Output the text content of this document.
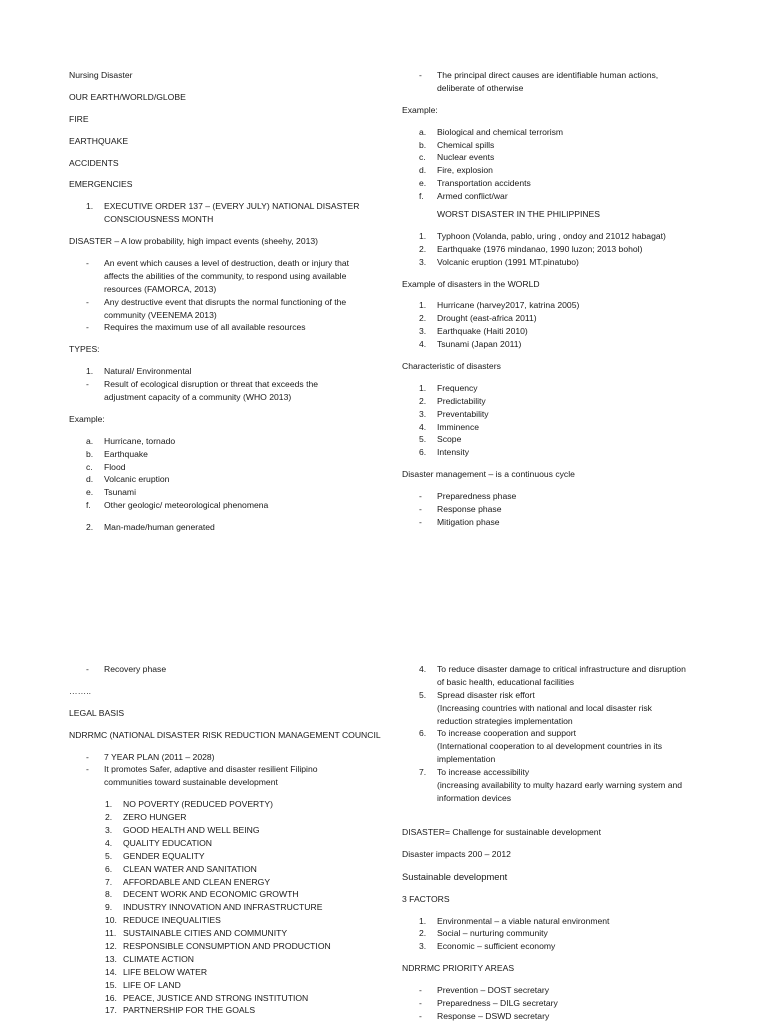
Nursing Disaster
OUR EARTH/WORLD/GLOBE
FIRE
EARTHQUAKE
ACCIDENTS
EMERGENCIES
1.	EXECUTIVE ORDER 137 – (EVERY JULY) NATIONAL DISASTER
CONSCIOUSNESS MONTH
DISASTER – A low probability, high impact events (sheehy, 2013)
-	An event which causes a level of destruction, death or injury that
affects the abilities of the community, to respond using available
resources (FAMORCA, 2013)
-	Any destructive event that disrupts the normal functioning of the
community (VEENEMA 2013)
-	Requires the maximum use of all available resources
TYPES:
1.	Natural/ Environmental
-	Result of ecological disruption or threat that exceeds the
adjustment capacity of a community (WHO 2013)
Example:
a.	Hurricane, tornado
b.	Earthquake
c.	Flood
d.	Volcanic eruption
e.	Tsunami
f.	Other geologic/ meteorological phenomena
2.	Man-made/human generated
-	The principal direct causes are identifiable human actions,
deliberate of otherwise
Example:
a.	Biological and chemical terrorism
b.	Chemical spills
c.	Nuclear events
d.	Fire, explosion
e.	Transportation accidents
f.	Armed conflict/war
WORST DISASTER IN THE PHILIPPINES
1.	Typhoon (Volanda, pablo, uring , ondoy and 21012 habagat)
2.	Earthquake (1976 mindanao, 1990 luzon; 2013 bohol)
3.	Volcanic eruption (1991 MT.pinatubo)
Example of disasters in the WORLD
1.	Hurricane (harvey2017, katrina 2005)
2.	Drought (east-africa 2011)
3.	Earthquake (Haiti 2010)
4.	Tsunami (Japan 2011)
Characteristic of disasters
1.	Frequency
2.	Predictability
3.	Preventability
4.	Imminence
5.	Scope
6.	Intensity
Disaster management – is a continuous cycle
-	Preparedness phase
-	Response phase
-	Mitigation phase
-	Recovery phase
……..
LEGAL BASIS
NDRRMC (NATIONAL DISASTER RISK REDUCTION MANAGEMENT COUNCIL
-	7 YEAR PLAN (2011 – 2028)
-	It promotes Safer, adaptive and disaster resilient Filipino
communities toward sustainable development
1.	NO POVERTY (REDUCED POVERTY)
2.	ZERO HUNGER
3.	GOOD HEALTH AND WELL BEING
4.	QUALITY EDUCATION
5.	GENDER EQUALITY
6.	CLEAN WATER AND SANITATION
7.	AFFORDABLE AND CLEAN ENERGY
8.	DECENT WORK AND ECONOMIC GROWTH
9.	INDUSTRY INNOVATION AND INFRASTRUCTURE
10. REDUCE INEQUALITIES
11. SUSTAINABLE CITIES AND COMMUNITY
12. RESPONSIBLE CONSUMPTION AND PRODUCTION
13. CLIMATE ACTION
14. LIFE BELOW WATER
15. LIFE OF LAND
16. PEACE, JUSTICE AND STRONG INSTITUTION
17. PARTNERSHIP FOR THE GOALS
4.	To reduce disaster damage to critical infrastructure and disruption
of basic health, educational facilities
5.	Spread disaster risk effort
(Increasing countries with national and local disaster risk
reduction strategies implementation
6.	To increase cooperation and support
(International cooperation to al development countries in its
implementation
7.	To increase accessibility
(increasing availability to multy hazard early warning system and
information devices
DISASTER= Challenge for sustainable development
Disaster impacts 200 – 2012
Sustainable development
3 FACTORS
1.	Environmental – a viable natural environment
2.	Social – nurturing community
3.	Economic – sufficient economy
NDRRMC PRIORITY AREAS
-	Prevention – DOST secretary
-	Preparedness – DILG secretary
-	Response – DSWD secretary
